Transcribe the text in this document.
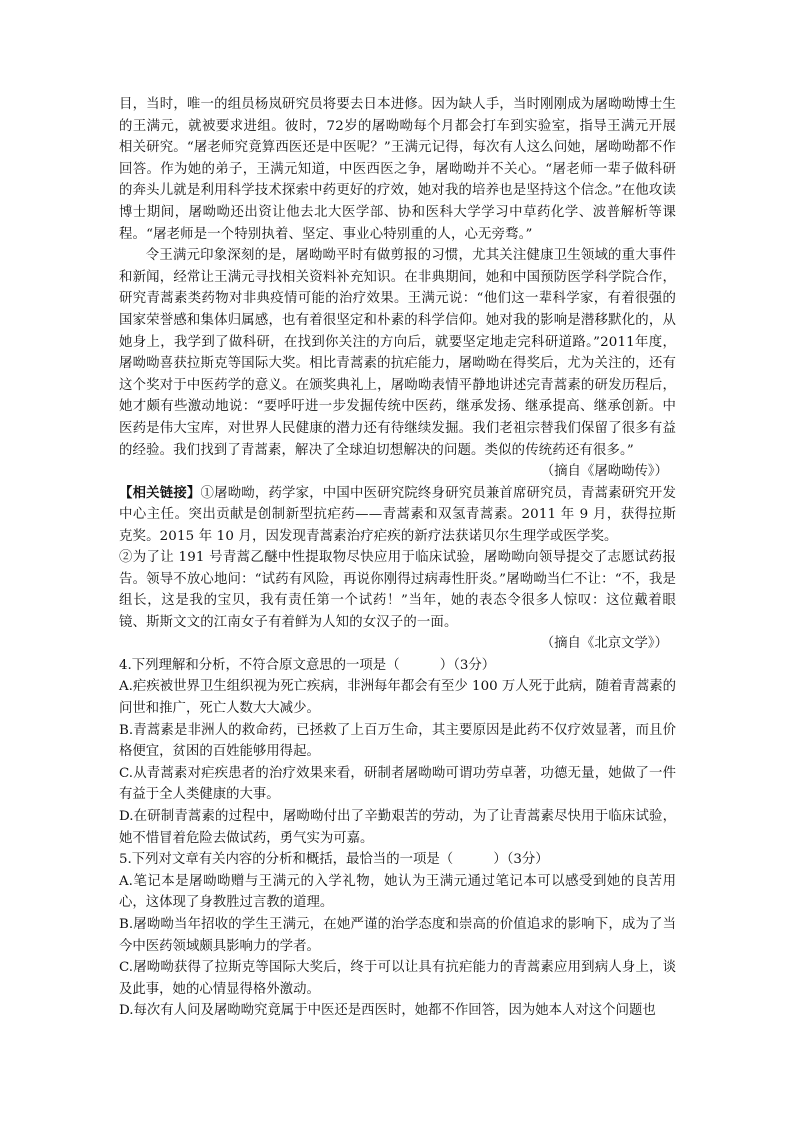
目，当时，唯一的组员杨岚研究员将要去日本进修。因为缺人手，当时刚刚成为屠呦呦博士生的王满元，就被要求进组。彼时，72岁的屠呦呦每个月都会打车到实验室，指导王满元开展相关研究。“屠老师究竟算西医还是中医呢？”王满元记得，每次有人这么问她，屠呦呦都不作回答。作为她的弟子，王满元知道，中医西医之争，屠呦呦并不关心。“屠老师一辈子做科研的奔头儿就是利用科学技术探索中药更好的疗效，她对我的培养也是坚持这个信念。”在他攻读博士期间，屠呦呦还出资让他去北大医学部、协和医科大学学习中草药化学、波普解析等课程。“屠老师是一个特别执着、坚定、事业心特别重的人，心无旁骛。”

令王满元印象深刻的是，屠呦呦平时有做剪报的习惯，尤其关注健康卫生领域的重大事件和新闻，经常让王满元寻找相关资料补充知识。在非典期间，她和中国预防医学科学院合作，研究青蒿素类药物对非典疫情可能的治疗效果。王满元说：“他们这一辈科学家，有着很强的国家荣誉感和集体归属感，也有着很坚定和朴素的科学信仰。她对我的影响是潜移默化的，从她身上，我学到了做科研，在找到你关注的方向后，就要坚定地走完科研道路。”2011年度，屠呦呦喜获拉斯克等国际大奖。相比青蒿素的抗疟能力，屠呦呦在得奖后，尤为关注的，还有这个奖对于中医药学的意义。在颁奖典礼上，屠呦呦表情平静地讲述完青蒿素的研发历程后，她才颇有些激动地说：“要呼吁进一步发掘传统中医药，继承发扬、继承提高、继承创新。中医药是伟大宝库，对世界人民健康的潜力还有待继续发掘。我们老祖宗替我们保留了很多有益的经验。我们找到了青蒿素，解决了全球迫切想解决的问题。类似的传统药还有很多。”

（摘自《屠呦呦传》）

【相关链接】①屠呦呦，药学家，中国中医研究院终身研究员兼首席研究员，青蒿素研究开发中心主任。突出贡献是创制新型抗疟药——青蒿素和双氢青蒿素。2011 年 9 月，获得拉斯克奖。2015 年 10 月，因发现青蒿素治疗疟疾的新疗法获诺贝尔生理学或医学奖。

②为了让 191 号青蒿乙醚中性提取物尽快应用于临床试验，屠呦呦向领导提交了志愿试药报告。领导不放心地问：“试药有风险，再说你刚得过病毒性肝炎。”屠呦呦当仁不让：“不，我是组长，这是我的宝贝，我有责任第一个试药！”当年，她的表态令很多人惊叹：这位戴着眼镜、斯斯文文的江南女子有着鲜为人知的女汉子的一面。

（摘自《北京文学》）

4.下列理解和分析，不符合原文意思的一项是（　　　）（3分）

A.疟疾被世界卫生组织视为死亡疾病，非洲每年都会有至少 100 万人死于此病，随着青蒿素的问世和推广，死亡人数大大减少。

B.青蒿素是非洲人的救命药，已拯救了上百万生命，其主要原因是此药不仅疗效显著，而且价格便宜，贫困的百姓能够用得起。

C.从青蒿素对疟疾患者的治疗效果来看，研制者屠呦呦可谓功劳卓著，功德无量，她做了一件有益于全人类健康的大事。

D.在研制青蒿素的过程中，屠呦呦付出了辛勤艰苦的劳动，为了让青蒿素尽快用于临床试验，她不惜冒着危险去做试药，勇气实为可嘉。

5.下列对文章有关内容的分析和概括，最恰当的一项是（　　　）（3分）

A.笔记本是屠呦呦赠与王满元的入学礼物，她认为王满元通过笔记本可以感受到她的良苦用心，这体现了身教胜过言教的道理。

B.屠呦呦当年招收的学生王满元，在她严谨的治学态度和崇高的价值追求的影响下，成为了当今中医药领域颇具影响力的学者。

C.屠呦呦获得了拉斯克等国际大奖后，终于可以让具有抗疟能力的青蒿素应用到病人身上，谈及此事，她的心情显得格外激动。

D.每次有人问及屠呦呦究竟属于中医还是西医时，她都不作回答，因为她本人对这个问题也
